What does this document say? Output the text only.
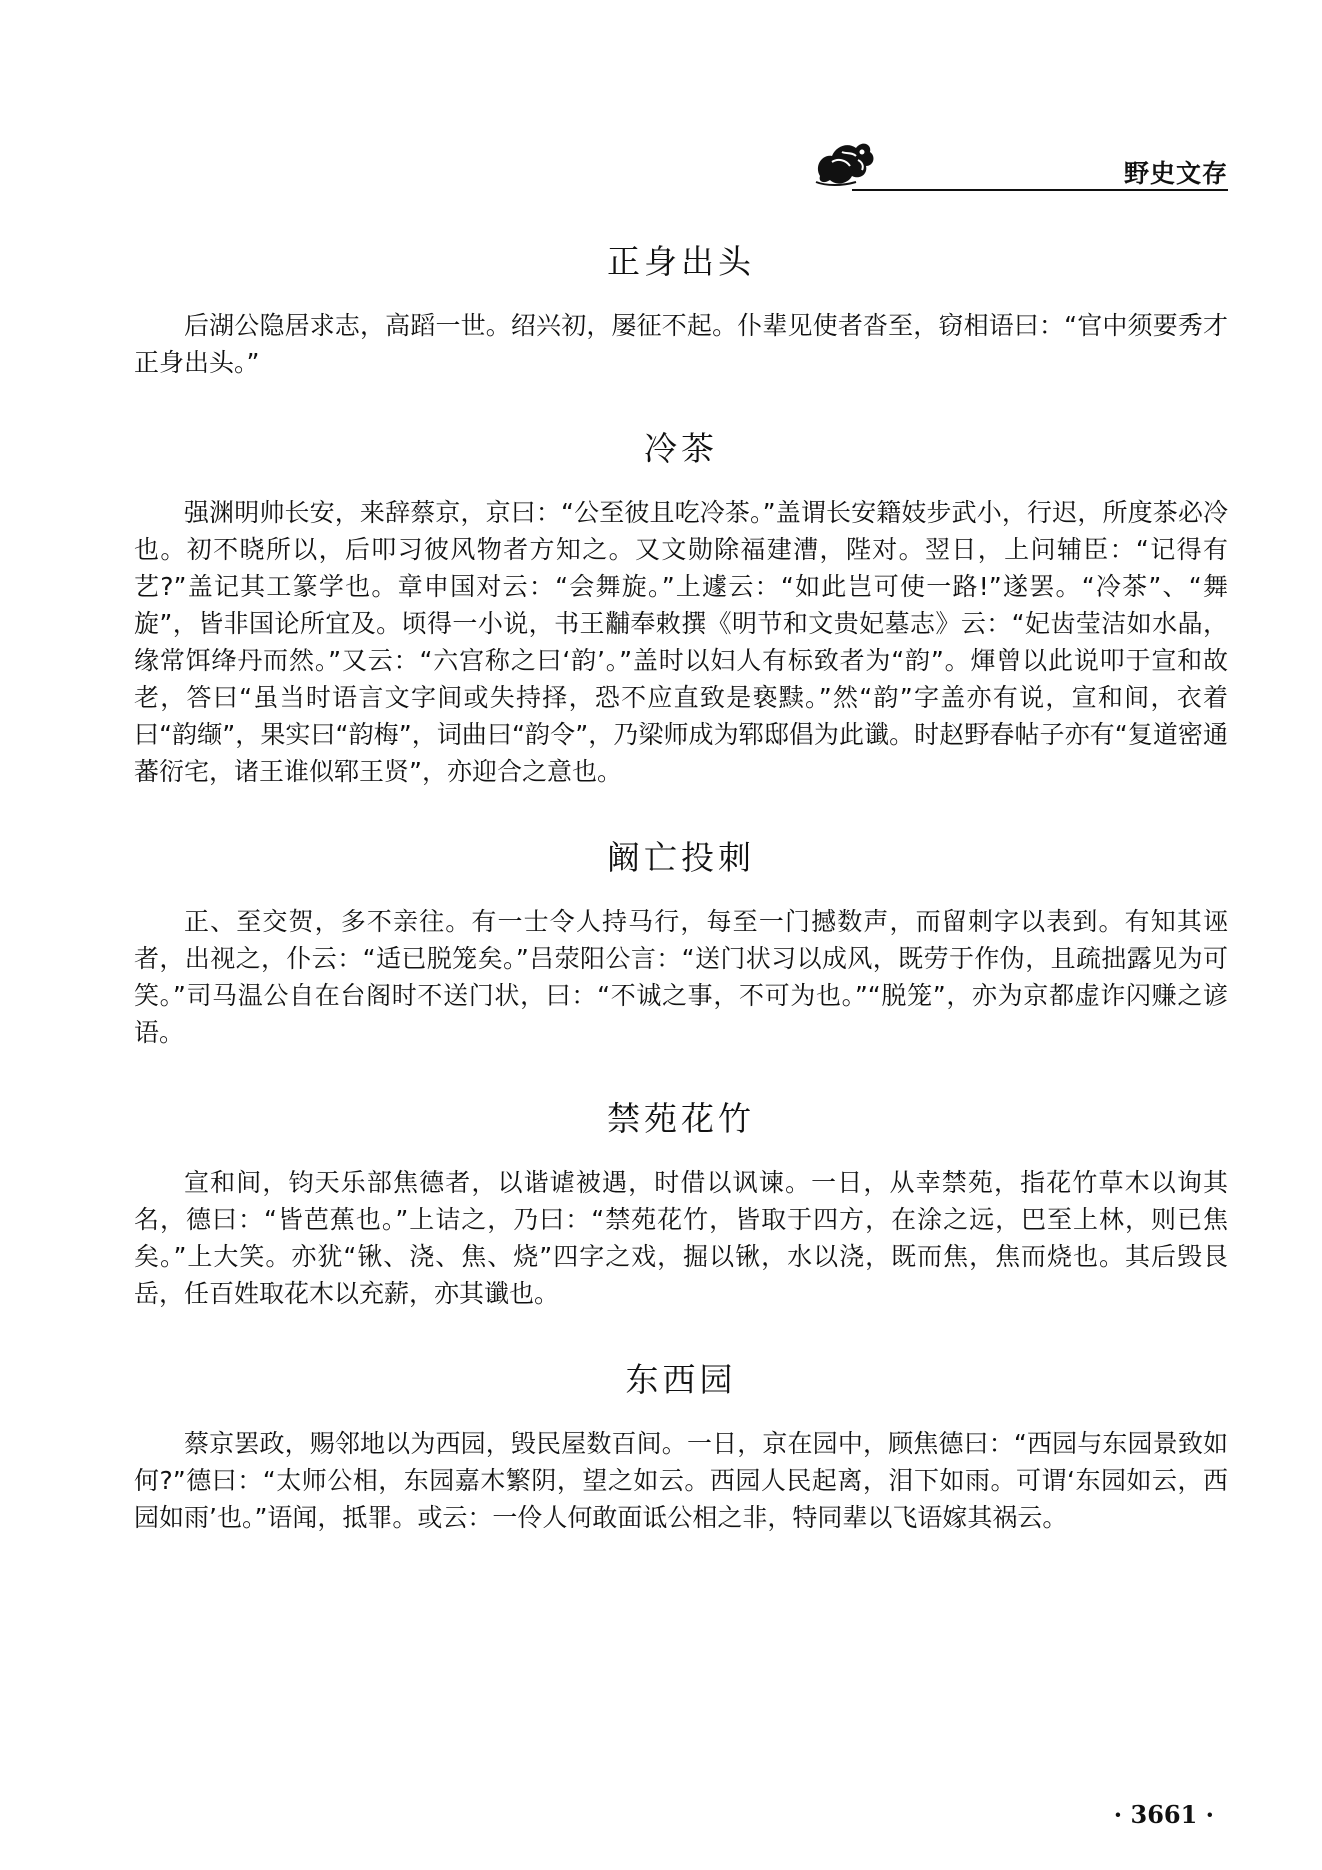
野史文存
正身出头

后湖公隐居求志，高蹈一世。绍兴初，屡征不起。仆辈见使者沓至，窃相语曰：“官中须要秀才正身出头。”

冷茶

强渊明帅长安，来辞蔡京，京曰：“公至彼且吃冷茶。”盖谓长安籍妓步武小，行迟，所度茶必冷也。初不晓所以，后叩习彼风物者方知之。又文勋除福建漕，陛对。翌日，上问辅臣：“记得有艺?”盖记其工篆学也。章申国对云：“会舞旋。”上遽云：“如此岂可使一路!”遂罢。“冷茶”、“舞旋”，皆非国论所宜及。顷得一小说，书王黼奉敕撰《明节和文贵妃墓志》云：“妃齿莹洁如水晶，缘常饵绛丹而然。”又云：“六宫称之曰‘韵’。”盖时以妇人有标致者为“韵”。煇曾以此说叩于宣和故老，答曰“虽当时语言文字间或失持择，恐不应直致是亵黩。”然“韵”字盖亦有说，宣和间，衣着曰“韵缬”，果实曰“韵梅”，词曲曰“韵令”，乃梁师成为郓邸倡为此谶。时赵野春帖子亦有“复道密通蕃衍宅，诸王谁似郓王贤”，亦迎合之意也。

阚亡投刺

正、至交贺，多不亲往。有一士令人持马行，每至一门撼数声，而留刺字以表到。有知其诬者，出视之，仆云：“适已脱笼矣。”吕荥阳公言：“送门状习以成风，既劳于作伪，且疏拙露见为可笑。”司马温公自在台阁时不送门状，曰：“不诚之事，不可为也。”“脱笼”，亦为京都虚诈闪赚之谚语。

禁苑花竹

宣和间，钧天乐部焦德者，以谐谑被遇，时借以讽谏。一日，从幸禁苑，指花竹草木以询其名，德曰：“皆芭蕉也。”上诘之，乃曰：“禁苑花竹，皆取于四方，在涂之远，巴至上林，则已焦矣。”上大笑。亦犹“锹、浇、焦、烧”四字之戏，掘以锹，水以浇，既而焦，焦而烧也。其后毁艮岳，任百姓取花木以充薪，亦其谶也。

东西园

蔡京罢政，赐邻地以为西园，毁民屋数百间。一日，京在园中，顾焦德曰：“西园与东园景致如何?”德曰：“太师公相，东园嘉木繁阴，望之如云。西园人民起离，泪下如雨。可谓‘东园如云，西园如雨’也。”语闻，抵罪。或云：一伶人何敢面诋公相之非，特同辈以飞语嫁其祸云。

· 3661 ·
